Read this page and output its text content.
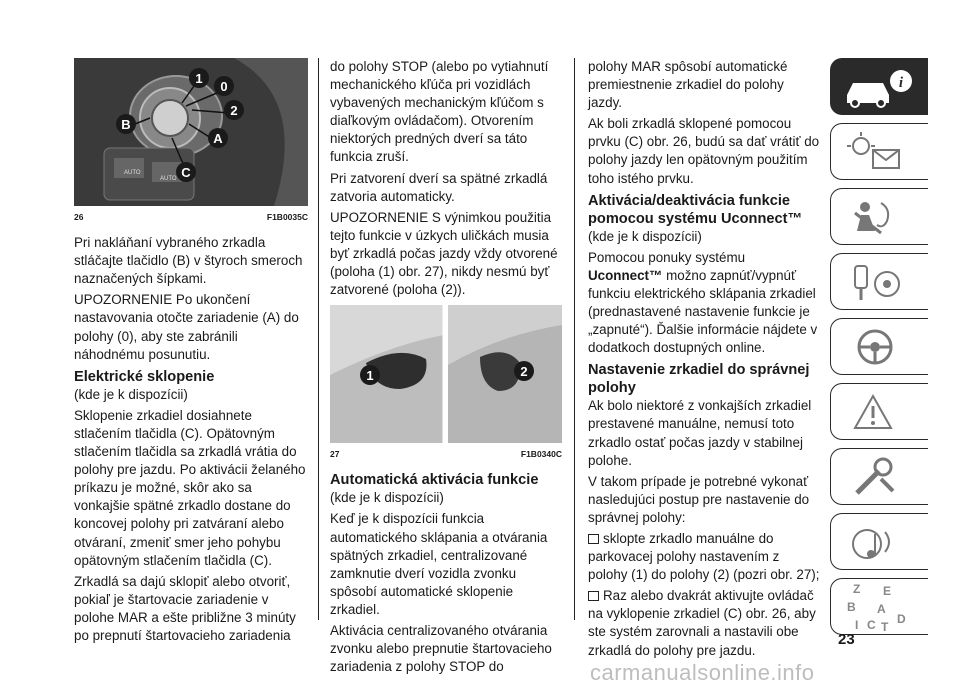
AUTO
AUTO
1
0
2
B
A
C
26	F1B0035C

Pri nakláňaní vybraného zrkadla stláčajte tlačidlo (B) v štyroch smeroch naznačených šípkami.

UPOZORNENIE Po ukončení nastavovania otočte zariadenie (A) do polohy (0), aby ste zabránili náhodnému posunutiu.

Elektrické sklopenie

(kde je k dispozícii)

Sklopenie zrkadiel dosiahnete stlačením tlačidla (C). Opätovným stlačením tlačidla sa zrkadlá vrátia do polohy pre jazdu. Po aktivácii želaného príkazu je možné, skôr ako sa vonkajšie spätné zrkadlo dostane do koncovej polohy pri zatváraní alebo otváraní, zmeniť smer jeho pohybu opätovným stlačením tlačidla (C).

Zrkadlá sa dajú sklopiť alebo otvoriť, pokiaľ je štartovacie zariadenie v polohe MAR a ešte približne 3 minúty po prepnutí štartovacieho zariadenia

do polohy STOP (alebo po vytiahnutí mechanického kľúča pri vozidlách vybavených mechanickým kľúčom s diaľkovým ovládačom). Otvorením niektorých predných dverí sa táto funkcia zruší.

Pri zatvorení dverí sa spätné zrkadlá zatvoria automaticky.

UPOZORNENIE S výnimkou použitia tejto funkcie v úzkych uličkách musia byť zrkadlá počas jazdy vždy otvorené (poloha (1) obr. 27), nikdy nesmú byť zatvorené (poloha (2)).

1	2
27	F1B0340C
Automatická aktivácia funkcie

(kde je k dispozícii)

Keď je k dispozícii funkcia automatického sklápania a otvárania spätných zrkadiel, centralizované zamknutie dverí vozidla zvonku spôsobí automatické sklopenie zrkadiel.

Aktivácia centralizovaného otvárania zvonku alebo prepnutie štartovacieho zariadenia z polohy STOP do

polohy MAR spôsobí automatické premiestnenie zrkadiel do polohy jazdy.

Ak boli zrkadlá sklopené pomocou prvku (C) obr. 26, budú sa dať vrátiť do polohy jazdy len opätovným použitím toho istého prvku.

Aktivácia/deaktivácia funkcie pomocou systému Uconnect™

(kde je k dispozícii)

Pomocou ponuky systému Uconnect™ možno zapnúť/vypnúť funkciu elektrického sklápania zrkadiel (prednastavené nastavenie funkcie je „zapnuté“). Ďalšie informácie nájdete v dodatkoch dostupných online.

Nastavenie zrkadiel do správnej polohy

Ak bolo niektoré z vonkajších zrkadiel prestavené manuálne, nemusí toto zrkadlo ostať počas jazdy v stabilnej polohe.

V takom prípade je potrebné vykonať nasledujúci postup pre nastavenie do správnej polohy:

sklopte zrkadlo manuálne do parkovacej polohy nastavením z polohy (1) do polohy (2) (pozri obr. 27);

Raz alebo dvakrát aktivujte ovládač na vyklopenie zrkadiel (C) obr. 26, aby ste systém zarovnali a nastavili obe zrkadlá do polohy pre jazdu.

i
Z E
B A
I C T
D
23
carmanualsonline.info
